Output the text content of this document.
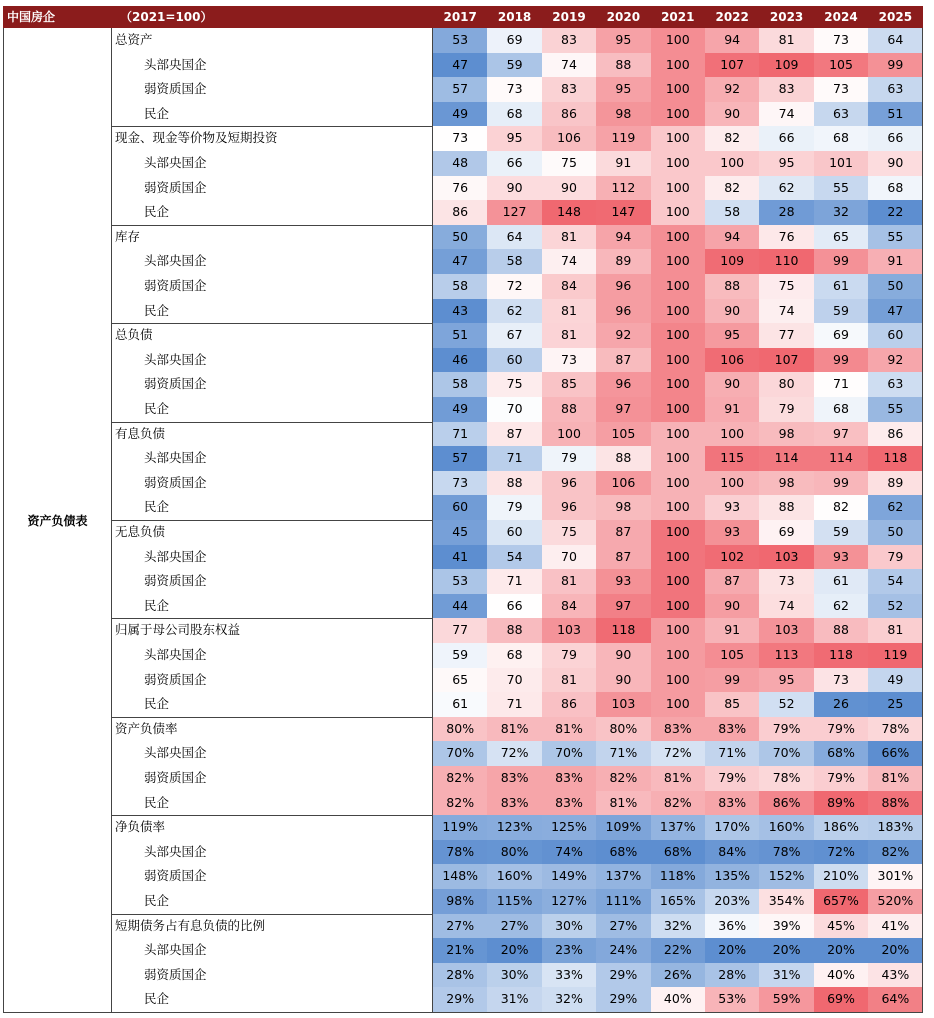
中国房企	（2021=100）	2017	2018	2019	2020	2021	2022	2023	2024	2025
资产负债表
总资产	53	69	83	95	100	94	81	73	64
头部央国企	47	59	74	88	100	107	109	105	99
弱资质国企	57	73	83	95	100	92	83	73	63
民企	49	68	86	98	100	90	74	63	51
现金、现金等价物及短期投资	73	95	106	119	100	82	66	68	66
头部央国企	48	66	75	91	100	100	95	101	90
弱资质国企	76	90	90	112	100	82	62	55	68
民企	86	127	148	147	100	58	28	32	22
库存	50	64	81	94	100	94	76	65	55
头部央国企	47	58	74	89	100	109	110	99	91
弱资质国企	58	72	84	96	100	88	75	61	50
民企	43	62	81	96	100	90	74	59	47
总负债	51	67	81	92	100	95	77	69	60
头部央国企	46	60	73	87	100	106	107	99	92
弱资质国企	58	75	85	96	100	90	80	71	63
民企	49	70	88	97	100	91	79	68	55
有息负债	71	87	100	105	100	100	98	97	86
头部央国企	57	71	79	88	100	115	114	114	118
弱资质国企	73	88	96	106	100	100	98	99	89
民企	60	79	96	98	100	93	88	82	62
无息负债	45	60	75	87	100	93	69	59	50
头部央国企	41	54	70	87	100	102	103	93	79
弱资质国企	53	71	81	93	100	87	73	61	54
民企	44	66	84	97	100	90	74	62	52
归属于母公司股东权益	77	88	103	118	100	91	103	88	81
头部央国企	59	68	79	90	100	105	113	118	119
弱资质国企	65	70	81	90	100	99	95	73	49
民企	61	71	86	103	100	85	52	26	25
资产负债率	80%	81%	81%	80%	83%	83%	79%	79%	78%
头部央国企	70%	72%	70%	71%	72%	71%	70%	68%	66%
弱资质国企	82%	83%	83%	82%	81%	79%	78%	79%	81%
民企	82%	83%	83%	81%	82%	83%	86%	89%	88%
净负债率	119%	123%	125%	109%	137%	170%	160%	186%	183%
头部央国企	78%	80%	74%	68%	68%	84%	78%	72%	82%
弱资质国企	148%	160%	149%	137%	118%	135%	152%	210%	301%
民企	98%	115%	127%	111%	165%	203%	354%	657%	520%
短期债务占有息负债的比例	27%	27%	30%	27%	32%	36%	39%	45%	41%
头部央国企	21%	20%	23%	24%	22%	20%	20%	20%	20%
弱资质国企	28%	30%	33%	29%	26%	28%	31%	40%	43%
民企	29%	31%	32%	29%	40%	53%	59%	69%	64%
